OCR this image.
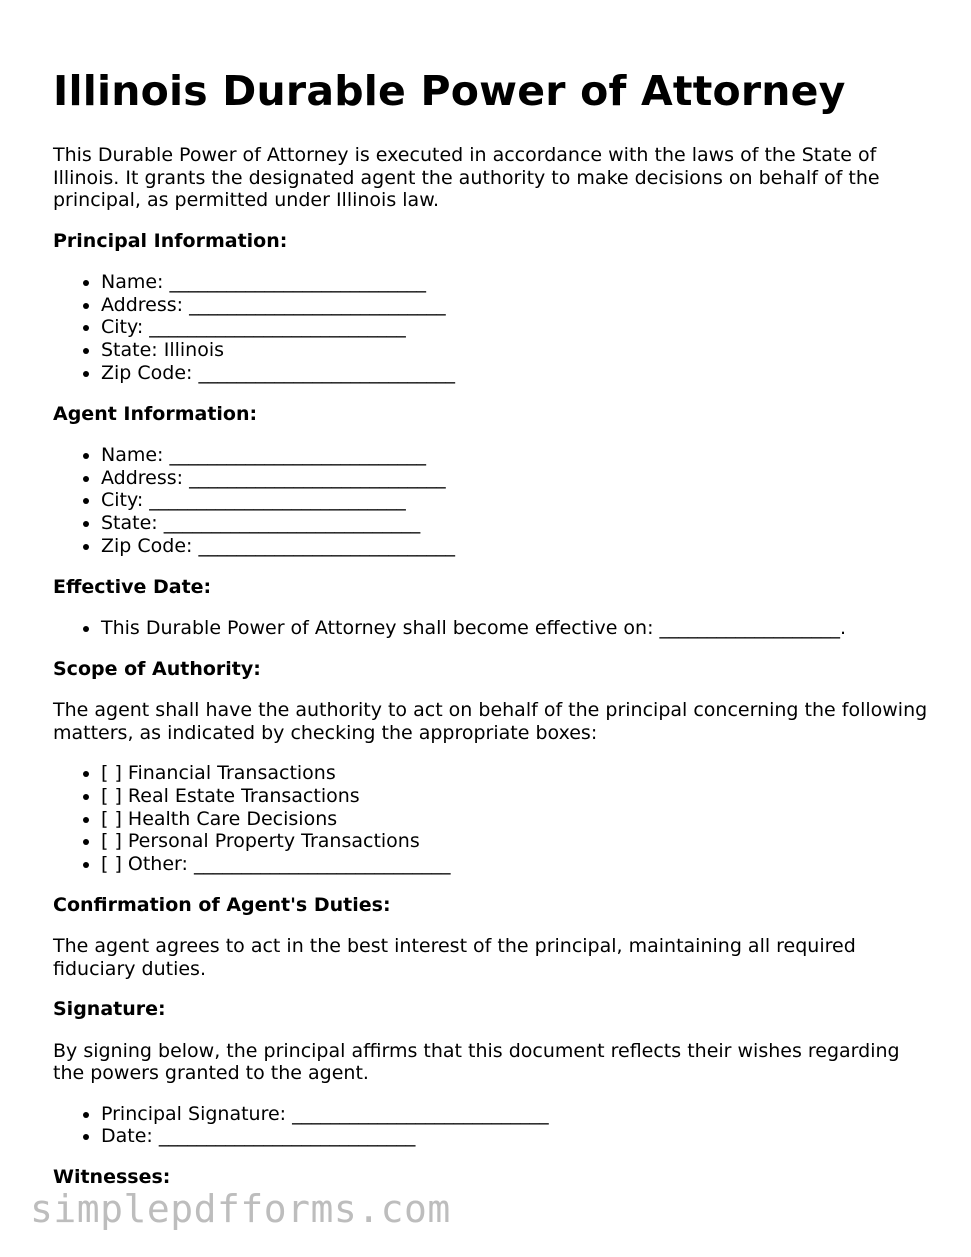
Illinois Durable Power of Attorney

This Durable Power of Attorney is executed in accordance with the laws of the State of Illinois. It grants the designated agent the authority to make decisions on behalf of the principal, as permitted under Illinois law.

Principal Information:
• Name: ___________________________
• Address: ___________________________
• City: ___________________________
• State: Illinois
• Zip Code: ___________________________
Agent Information:
• Name: ___________________________
• Address: ___________________________
• City: ___________________________
• State: ___________________________
• Zip Code: ___________________________
Effective Date:
• This Durable Power of Attorney shall become effective on: ___________________.
Scope of Authority:

The agent shall have the authority to act on behalf of the principal concerning the following matters, as indicated by checking the appropriate boxes:

• [ ] Financial Transactions
• [ ] Real Estate Transactions
• [ ] Health Care Decisions
• [ ] Personal Property Transactions
• [ ] Other: ___________________________
Confirmation of Agent's Duties:

The agent agrees to act in the best interest of the principal, maintaining all required fiduciary duties.

Signature:

By signing below, the principal affirms that this document reflects their wishes regarding the powers granted to the agent.

• Principal Signature: ___________________________
• Date: ___________________________
Witnesses:
simplepdfforms.com
